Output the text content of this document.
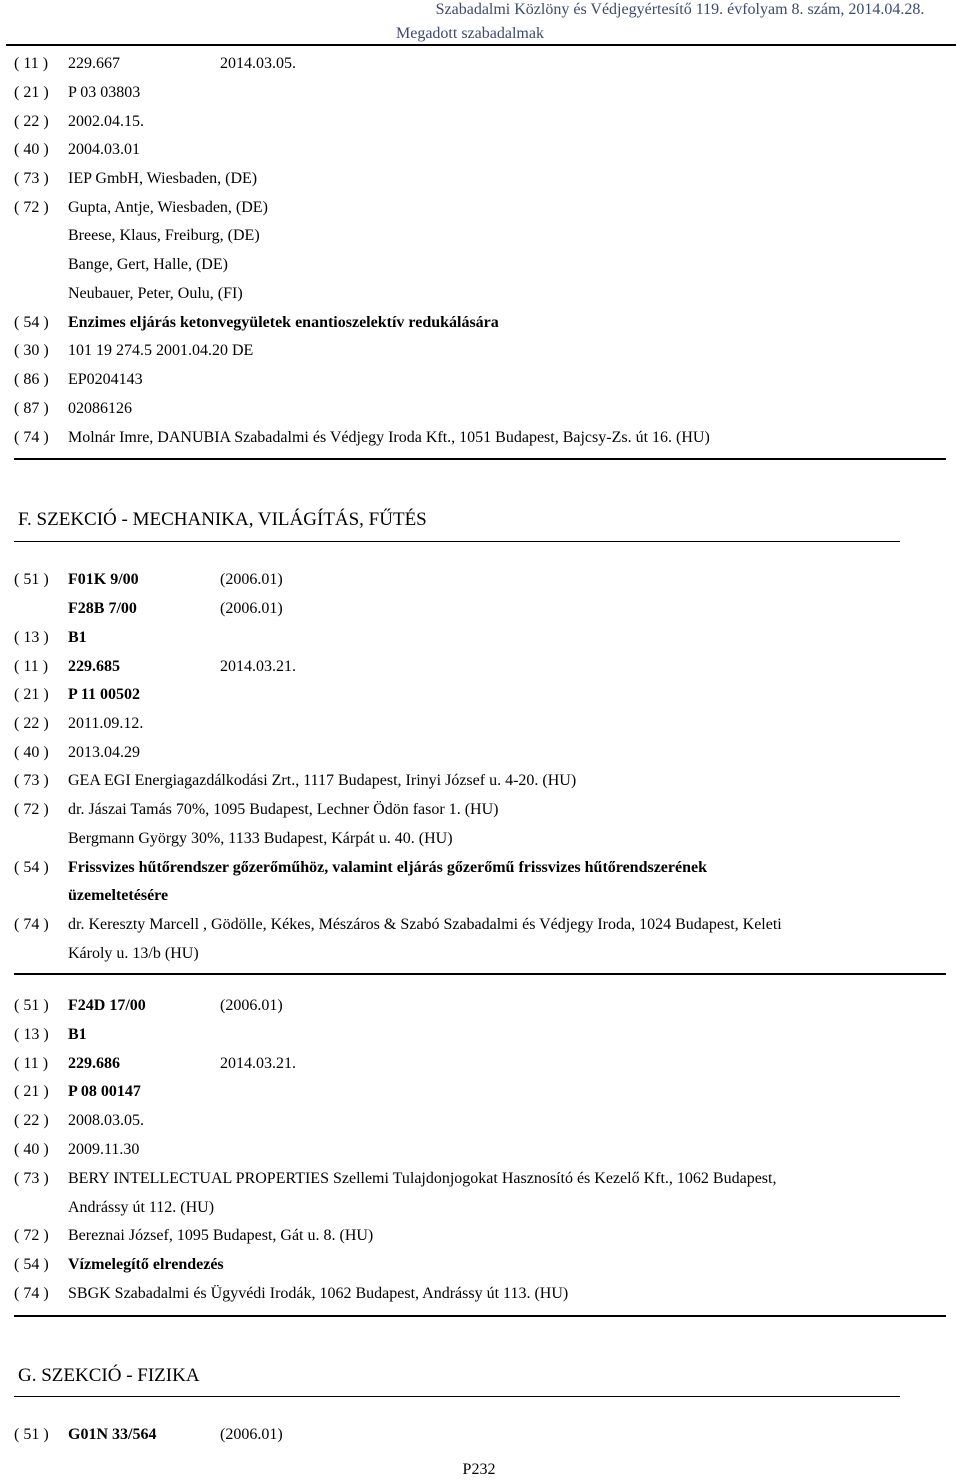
Szabadalmi Közlöny és Védjegyértesítő 119. évfolyam 8. szám, 2014.04.28.
Megadott szabadalmak
( 11 )	229.667	2014.03.05.
( 21 )	P 03 03803
( 22 )	2002.04.15.
( 40 )	2004.03.01
( 73 )	IEP GmbH, Wiesbaden, (DE)
( 72 )	Gupta, Antje, Wiesbaden, (DE)
Breese, Klaus, Freiburg, (DE)
Bange, Gert, Halle, (DE)
Neubauer, Peter, Oulu, (FI)
( 54 )	Enzimes eljárás ketonvegyületek enantioszelektív redukálására
( 30 )	101 19 274.5 2001.04.20 DE
( 86 )	EP0204143
( 87 )	02086126
( 74 )	Molnár Imre, DANUBIA Szabadalmi és Védjegy Iroda Kft., 1051 Budapest, Bajcsy-Zs. út 16. (HU)
( 51 )	F01K 9/00	(2006.01)
F28B 7/00	(2006.01)
( 13 )	B1
( 11 )	229.685	2014.03.21.
( 21 )	P 11 00502
( 22 )	2011.09.12.
( 40 )	2013.04.29
( 73 )	GEA EGI Energiagazdálkodási Zrt., 1117 Budapest, Irinyi József u. 4-20. (HU)
( 72 )	dr. Jászai Tamás 70%, 1095 Budapest, Lechner Ödön fasor 1. (HU)
Bergmann György 30%, 1133 Budapest, Kárpát u. 40. (HU)
( 54 )	Frissvizes hűtőrendszer gőzerőműhöz, valamint eljárás gőzerőmű frissvizes hűtőrendszerének
üzemeltetésére
( 74 )	dr. Kereszty Marcell , Gödölle, Kékes, Mészáros & Szabó Szabadalmi és Védjegy Iroda, 1024 Budapest, Keleti
Károly u. 13/b (HU)
( 51 )	F24D 17/00	(2006.01)
( 13 )	B1
( 11 )	229.686	2014.03.21.
( 21 )	P 08 00147
( 22 )	2008.03.05.
( 40 )	2009.11.30
( 73 )	BERY INTELLECTUAL PROPERTIES Szellemi Tulajdonjogokat Hasznosító és Kezelő Kft., 1062 Budapest,
Andrássy út 112. (HU)
( 72 )	Bereznai József, 1095 Budapest, Gát u. 8. (HU)
( 54 )	Vízmelegítő elrendezés
( 74 )	SBGK Szabadalmi és Ügyvédi Irodák, 1062 Budapest, Andrássy út 113. (HU)
( 51 )	G01N 33/564	(2006.01)
F. SZEKCIÓ - MECHANIKA, VILÁGÍTÁS, FŰTÉS
G. SZEKCIÓ - FIZIKA
P232
